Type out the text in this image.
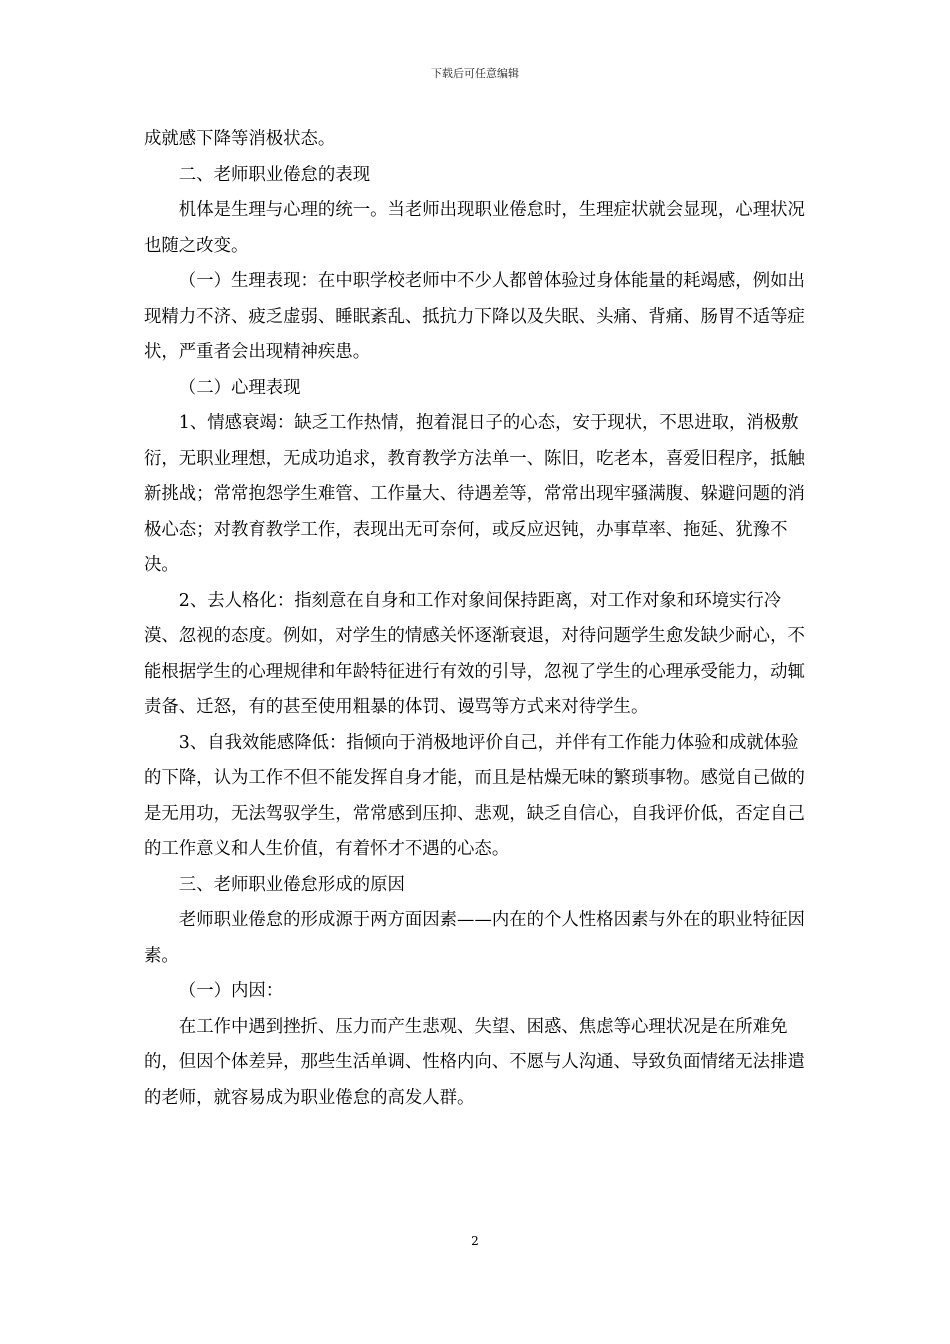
下载后可任意编辑

成就感下降等消极状态。

二、老师职业倦怠的表现

机体是生理与心理的统一。当老师出现职业倦怠时，生理症状就会显现，心理状况也随之改变。

（一）生理表现：在中职学校老师中不少人都曾体验过身体能量的耗竭感，例如出现精力不济、疲乏虚弱、睡眠紊乱、抵抗力下降以及失眠、头痛、背痛、肠胃不适等症状，严重者会出现精神疾患。

（二）心理表现

1、情感衰竭：缺乏工作热情，抱着混日子的心态，安于现状，不思进取，消极敷衍，无职业理想，无成功追求，教育教学方法单一、陈旧，吃老本，喜爱旧程序，抵触新挑战；常常抱怨学生难管、工作量大、待遇差等，常常出现牢骚满腹、躲避问题的消极心态；对教育教学工作，表现出无可奈何，或反应迟钝，办事草率、拖延、犹豫不决。

2、去人格化：指刻意在自身和工作对象间保持距离，对工作对象和环境实行冷漠、忽视的态度。例如，对学生的情感关怀逐渐衰退，对待问题学生愈发缺少耐心，不能根据学生的心理规律和年龄特征进行有效的引导，忽视了学生的心理承受能力，动辄责备、迁怒，有的甚至使用粗暴的体罚、谩骂等方式来对待学生。

3、自我效能感降低：指倾向于消极地评价自己，并伴有工作能力体验和成就体验的下降，认为工作不但不能发挥自身才能，而且是枯燥无味的繁琐事物。感觉自己做的是无用功，无法驾驭学生，常常感到压抑、悲观，缺乏自信心，自我评价低，否定自己的工作意义和人生价值，有着怀才不遇的心态。

三、老师职业倦怠形成的原因

老师职业倦怠的形成源于两方面因素——内在的个人性格因素与外在的职业特征因素。

（一）内因：

在工作中遇到挫折、压力而产生悲观、失望、困惑、焦虑等心理状况是在所难免的，但因个体差异，那些生活单调、性格内向、不愿与人沟通、导致负面情绪无法排遣的老师，就容易成为职业倦怠的高发人群。

2
